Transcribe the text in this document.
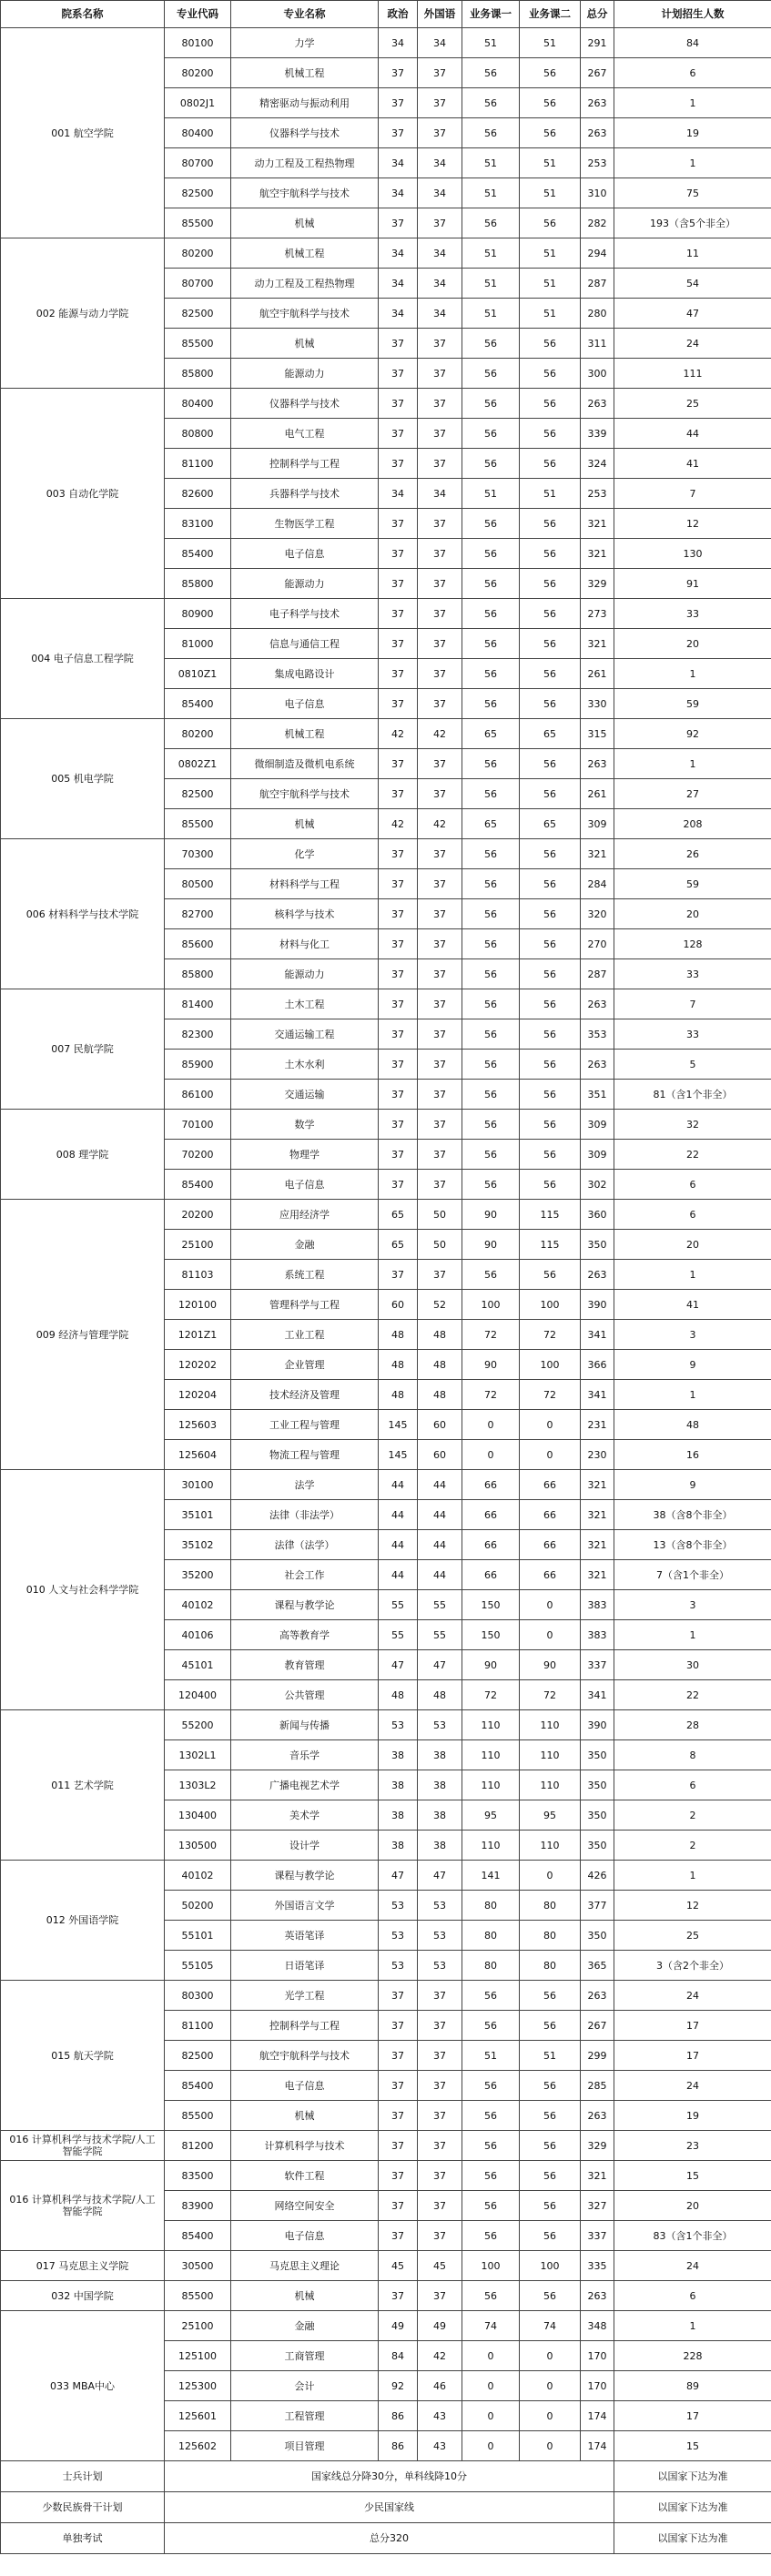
院系名称	专业代码	专业名称	政治	外国语	业务课一	业务课二	总分	计划招生人数
001 航空学院	80100	力学	34	34	51	51	291	84
	80200	机械工程	37	37	56	56	267	6
	0802J1	精密驱动与振动利用	37	37	56	56	263	1
	80400	仪器科学与技术	37	37	56	56	263	19
	80700	动力工程及工程热物理	34	34	51	51	253	1
	82500	航空宇航科学与技术	34	34	51	51	310	75
	85500	机械	37	37	56	56	282	193（含5个非全）
002 能源与动力学院	80200	机械工程	34	34	51	51	294	11
	80700	动力工程及工程热物理	34	34	51	51	287	54
	82500	航空宇航科学与技术	34	34	51	51	280	47
	85500	机械	37	37	56	56	311	24
	85800	能源动力	37	37	56	56	300	111
003 自动化学院	80400	仪器科学与技术	37	37	56	56	263	25
	80800	电气工程	37	37	56	56	339	44
	81100	控制科学与工程	37	37	56	56	324	41
	82600	兵器科学与技术	34	34	51	51	253	7
	83100	生物医学工程	37	37	56	56	321	12
	85400	电子信息	37	37	56	56	321	130
	85800	能源动力	37	37	56	56	329	91
004 电子信息工程学院	80900	电子科学与技术	37	37	56	56	273	33
	81000	信息与通信工程	37	37	56	56	321	20
	0810Z1	集成电路设计	37	37	56	56	261	1
	85400	电子信息	37	37	56	56	330	59
005 机电学院	80200	机械工程	42	42	65	65	315	92
	0802Z1	微细制造及微机电系统	37	37	56	56	263	1
	82500	航空宇航科学与技术	37	37	56	56	261	27
	85500	机械	42	42	65	65	309	208
006 材料科学与技术学院	70300	化学	37	37	56	56	321	26
	80500	材料科学与工程	37	37	56	56	284	59
	82700	核科学与技术	37	37	56	56	320	20
	85600	材料与化工	37	37	56	56	270	128
	85800	能源动力	37	37	56	56	287	33
007 民航学院	81400	土木工程	37	37	56	56	263	7
	82300	交通运输工程	37	37	56	56	353	33
	85900	土木水利	37	37	56	56	263	5
	86100	交通运输	37	37	56	56	351	81（含1个非全）
008 理学院	70100	数学	37	37	56	56	309	32
	70200	物理学	37	37	56	56	309	22
	85400	电子信息	37	37	56	56	302	6
009 经济与管理学院	20200	应用经济学	65	50	90	115	360	6
	25100	金融	65	50	90	115	350	20
	81103	系统工程	37	37	56	56	263	1
	120100	管理科学与工程	60	52	100	100	390	41
	1201Z1	工业工程	48	48	72	72	341	3
	120202	企业管理	48	48	90	100	366	9
	120204	技术经济及管理	48	48	72	72	341	1
	125603	工业工程与管理	145	60	0	0	231	48
	125604	物流工程与管理	145	60	0	0	230	16
010 人文与社会科学学院	30100	法学	44	44	66	66	321	9
	35101	法律（非法学）	44	44	66	66	321	38（含8个非全）
	35102	法律（法学）	44	44	66	66	321	13（含8个非全）
	35200	社会工作	44	44	66	66	321	7（含1个非全）
	40102	课程与教学论	55	55	150	0	383	3
	40106	高等教育学	55	55	150	0	383	1
	45101	教育管理	47	47	90	90	337	30
	120400	公共管理	48	48	72	72	341	22
011 艺术学院	55200	新闻与传播	53	53	110	110	390	28
	1302L1	音乐学	38	38	110	110	350	8
	1303L2	广播电视艺术学	38	38	110	110	350	6
	130400	美术学	38	38	95	95	350	2
	130500	设计学	38	38	110	110	350	2
012 外国语学院	40102	课程与教学论	47	47	141	0	426	1
	50200	外国语言文学	53	53	80	80	377	12
	55101	英语笔译	53	53	80	80	350	25
	55105	日语笔译	53	53	80	80	365	3（含2个非全）
015 航天学院	80300	光学工程	37	37	56	56	263	24
	81100	控制科学与工程	37	37	56	56	267	17
	82500	航空宇航科学与技术	37	37	51	51	299	17
	85400	电子信息	37	37	56	56	285	24
	85500	机械	37	37	56	56	263	19
016 计算机科学与技术学院/人工智能学院	81200	计算机科学与技术	37	37	56	56	329	23
016 计算机科学与技术学院/人工智能学院	83500	软件工程	37	37	56	56	321	15
	83900	网络空间安全	37	37	56	56	327	20
	85400	电子信息	37	37	56	56	337	83（含1个非全）
017 马克思主义学院	30500	马克思主义理论	45	45	100	100	335	24
032 中国学院	85500	机械	37	37	56	56	263	6
033 MBA中心	25100	金融	49	49	74	74	348	1
	125100	工商管理	84	42	0	0	170	228
	125300	会计	92	46	0	0	170	89
	125601	工程管理	86	43	0	0	174	17
	125602	项目管理	86	43	0	0	174	15
士兵计划	国家线总分降30分，单科线降10分							以国家下达为准
少数民族骨干计划	少民国家线							以国家下达为准
单独考试	总分320							以国家下达为准
